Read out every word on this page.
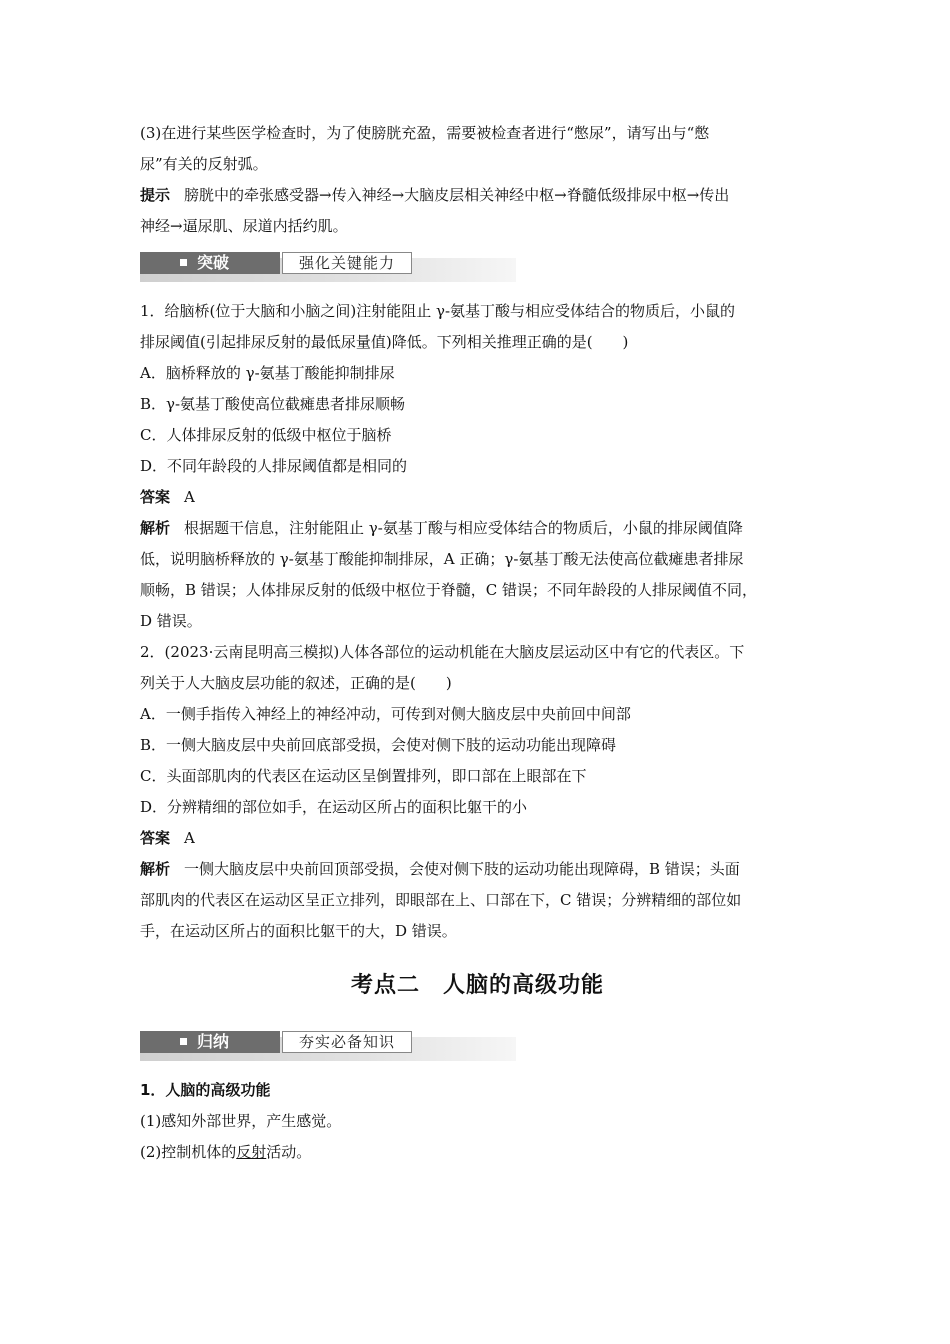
(3)在进行某些医学检查时，为了使膀胱充盈，需要被检查者进行“憋尿”，请写出与“憋
尿”有关的反射弧。

提示 膀胱中的牵张感受器→传入神经→大脑皮层相关神经中枢→脊髓低级排尿中枢→传出
神经→逼尿肌、尿道内括约肌。

突破	强化关键能力

1．给脑桥(位于大脑和小脑之间)注射能阻止 γ-氨基丁酸与相应受体结合的物质后，小鼠的
排尿阈值(引起排尿反射的最低尿量值)降低。下列相关推理正确的是(　　)

A．脑桥释放的 γ-氨基丁酸能抑制排尿

B．γ-氨基丁酸使高位截瘫患者排尿顺畅

C．人体排尿反射的低级中枢位于脑桥

D．不同年龄段的人排尿阈值都是相同的

答案 A

解析 根据题干信息，注射能阻止 γ-氨基丁酸与相应受体结合的物质后，小鼠的排尿阈值降
低，说明脑桥释放的 γ-氨基丁酸能抑制排尿，A 正确；γ-氨基丁酸无法使高位截瘫患者排尿
顺畅，B 错误；人体排尿反射的低级中枢位于脊髓，C 错误；不同年龄段的人排尿阈值不同，
D 错误。

2．(2023·云南昆明高三模拟)人体各部位的运动机能在大脑皮层运动区中有它的代表区。下
列关于人大脑皮层功能的叙述，正确的是(　　)

A．一侧手指传入神经上的神经冲动，可传到对侧大脑皮层中央前回中间部

B．一侧大脑皮层中央前回底部受损，会使对侧下肢的运动功能出现障碍

C．头面部肌肉的代表区在运动区呈倒置排列，即口部在上眼部在下

D．分辨精细的部位如手，在运动区所占的面积比躯干的小

答案 A

解析 一侧大脑皮层中央前回顶部受损，会使对侧下肢的运动功能出现障碍，B 错误；头面
部肌肉的代表区在运动区呈正立排列，即眼部在上、口部在下，C 错误；分辨精细的部位如
手，在运动区所占的面积比躯干的大，D 错误。

考点二　人脑的高级功能
归纳	夯实必备知识

1．人脑的高级功能

(1)感知外部世界，产生感觉。

(2)控制机体的反射活动。
